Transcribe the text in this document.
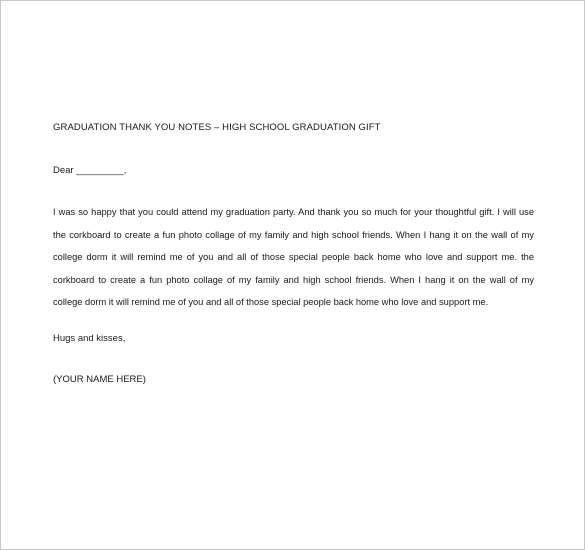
GRADUATION THANK YOU NOTES – HIGH SCHOOL GRADUATION GIFT

Dear _________,

I was so happy that you could attend my graduation party. And thank you so much for your thoughtful gift. I will use the corkboard to create a fun photo collage of my family and high school friends. When I hang it on the wall of my college dorm it will remind me of you and all of those special people back home who love and support me. the corkboard to create a fun photo collage of my family and high school friends. When I hang it on the wall of my college dorm it will remind me of you and all of those special people back home who love and support me.

Hugs and kisses,

(YOUR NAME HERE)
